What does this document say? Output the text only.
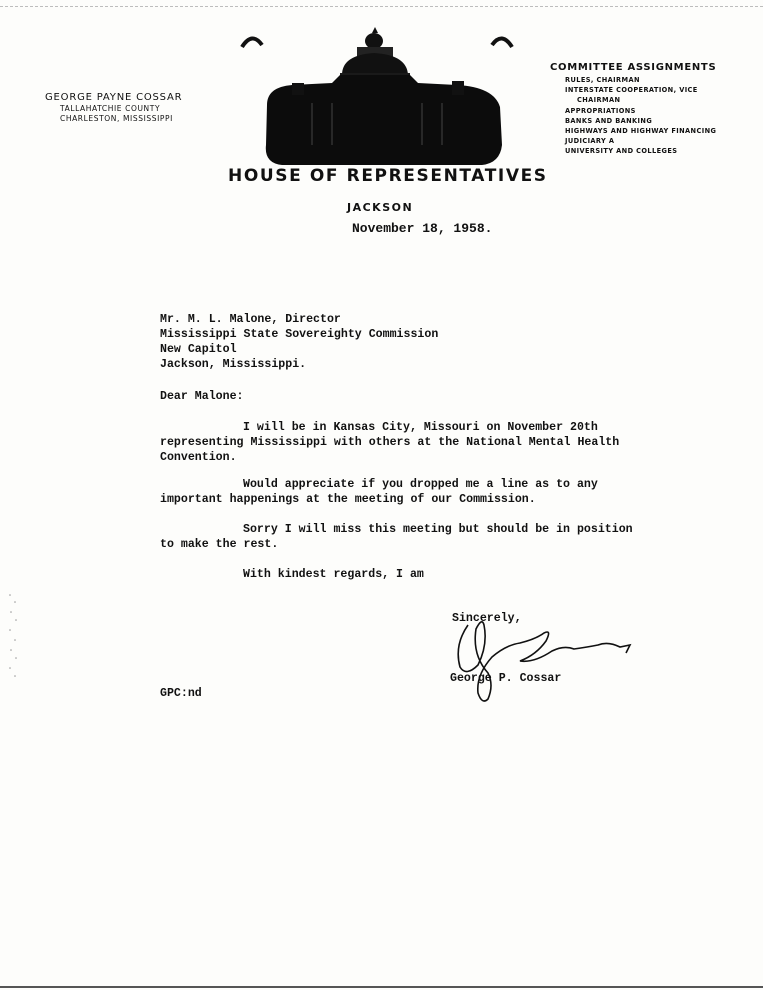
GEORGE PAYNE COSSAR
TALLAHATCHIE COUNTY
CHARLESTON, MISSISSIPPI
HOUSE OF REPRESENTATIVES
JACKSON
COMMITTEE ASSIGNMENTS
RULES, CHAIRMAN
INTERSTATE COOPERATION, VICE
CHAIRMAN
APPROPRIATIONS
BANKS AND BANKING
HIGHWAYS AND HIGHWAY FINANCING
JUDICIARY A
UNIVERSITY AND COLLEGES
November 18, 1958.
Mr. M. L. Malone, Director
Mississippi State Sovereighty Commission
New Capitol
Jackson, Mississippi.
Dear Malone:
I will be in Kansas City, Missouri on November 20th
representing Mississippi with others at the National Mental Health
Convention.
Would appreciate if you dropped me a line as to any
important happenings at the meeting of our Commission.
Sorry I will miss this meeting but should be in position
to make the rest.
With kindest regards, I am
Sincerely,
George P. Cossar
GPC:nd
